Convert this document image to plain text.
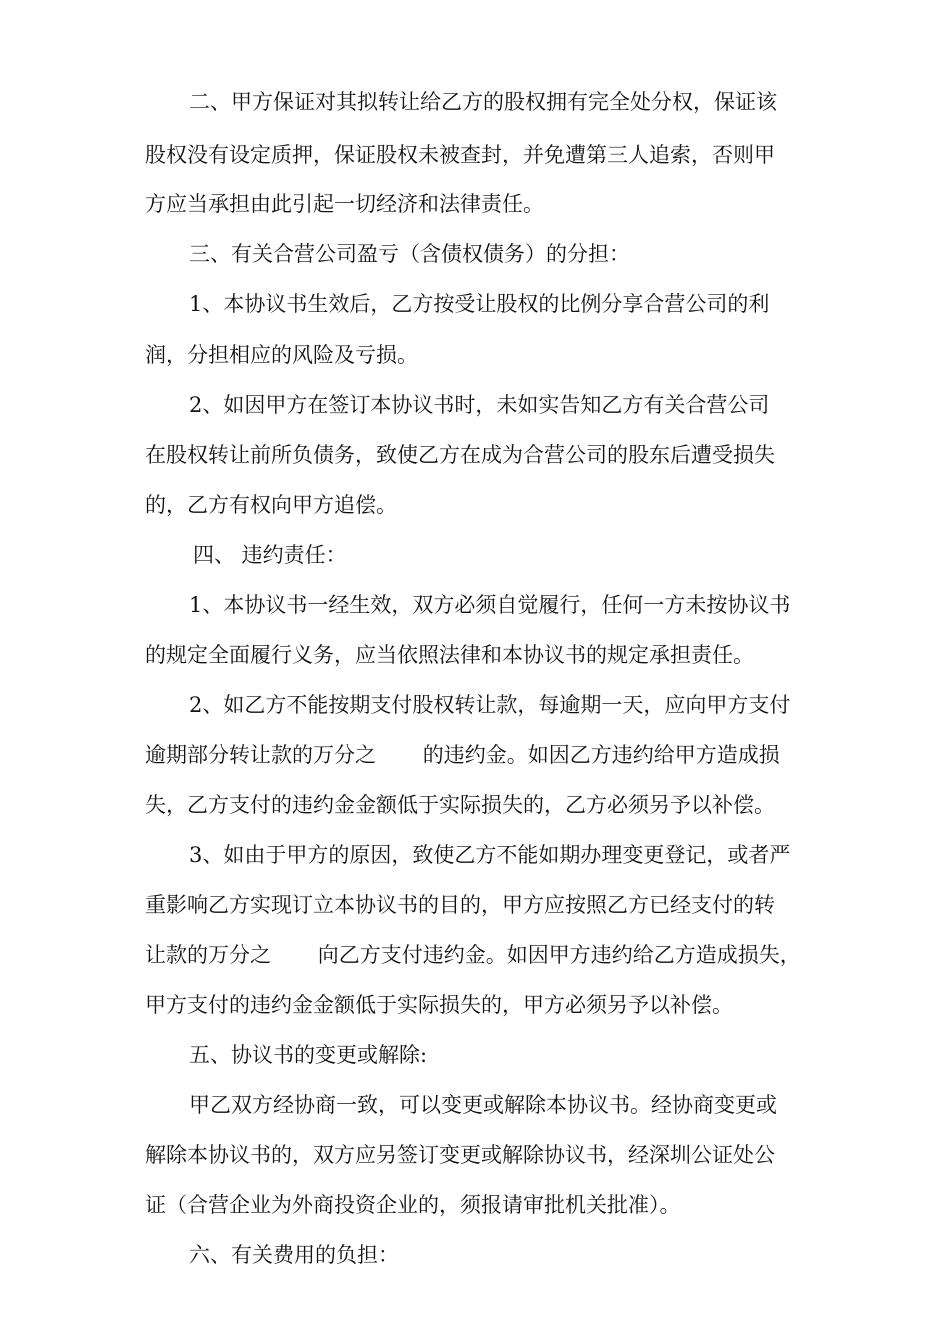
二、甲方保证对其拟转让给乙方的股权拥有完全处分权，保证该
股权没有设定质押，保证股权未被查封，并免遭第三人追索，否则甲
方应当承担由此引起一切经济和法律责任。
三、有关合营公司盈亏（含债权债务）的分担：
1、本协议书生效后，乙方按受让股权的比例分享合营公司的利
润，分担相应的风险及亏损。
2、如因甲方在签订本协议书时，未如实告知乙方有关合营公司
在股权转让前所负债务，致使乙方在成为合营公司的股东后遭受损失
的，乙方有权向甲方追偿。
四、 违约责任：
1、本协议书一经生效，双方必须自觉履行，任何一方未按协议书
的规定全面履行义务，应当依照法律和本协议书的规定承担责任。
2、如乙方不能按期支付股权转让款，每逾期一天，应向甲方支付
逾期部分转让款的万分之       的违约金。如因乙方违约给甲方造成损
失，乙方支付的违约金金额低于实际损失的，乙方必须另予以补偿。
3、如由于甲方的原因，致使乙方不能如期办理变更登记，或者严
重影响乙方实现订立本协议书的目的，甲方应按照乙方已经支付的转
让款的万分之       向乙方支付违约金。如因甲方违约给乙方造成损失，
甲方支付的违约金金额低于实际损失的，甲方必须另予以补偿。
五、协议书的变更或解除:
甲乙双方经协商一致，可以变更或解除本协议书。经协商变更或
解除本协议书的，双方应另签订变更或解除协议书，经深圳公证处公
证（合营企业为外商投资企业的，须报请审批机关批准）。
六、有关费用的负担：
